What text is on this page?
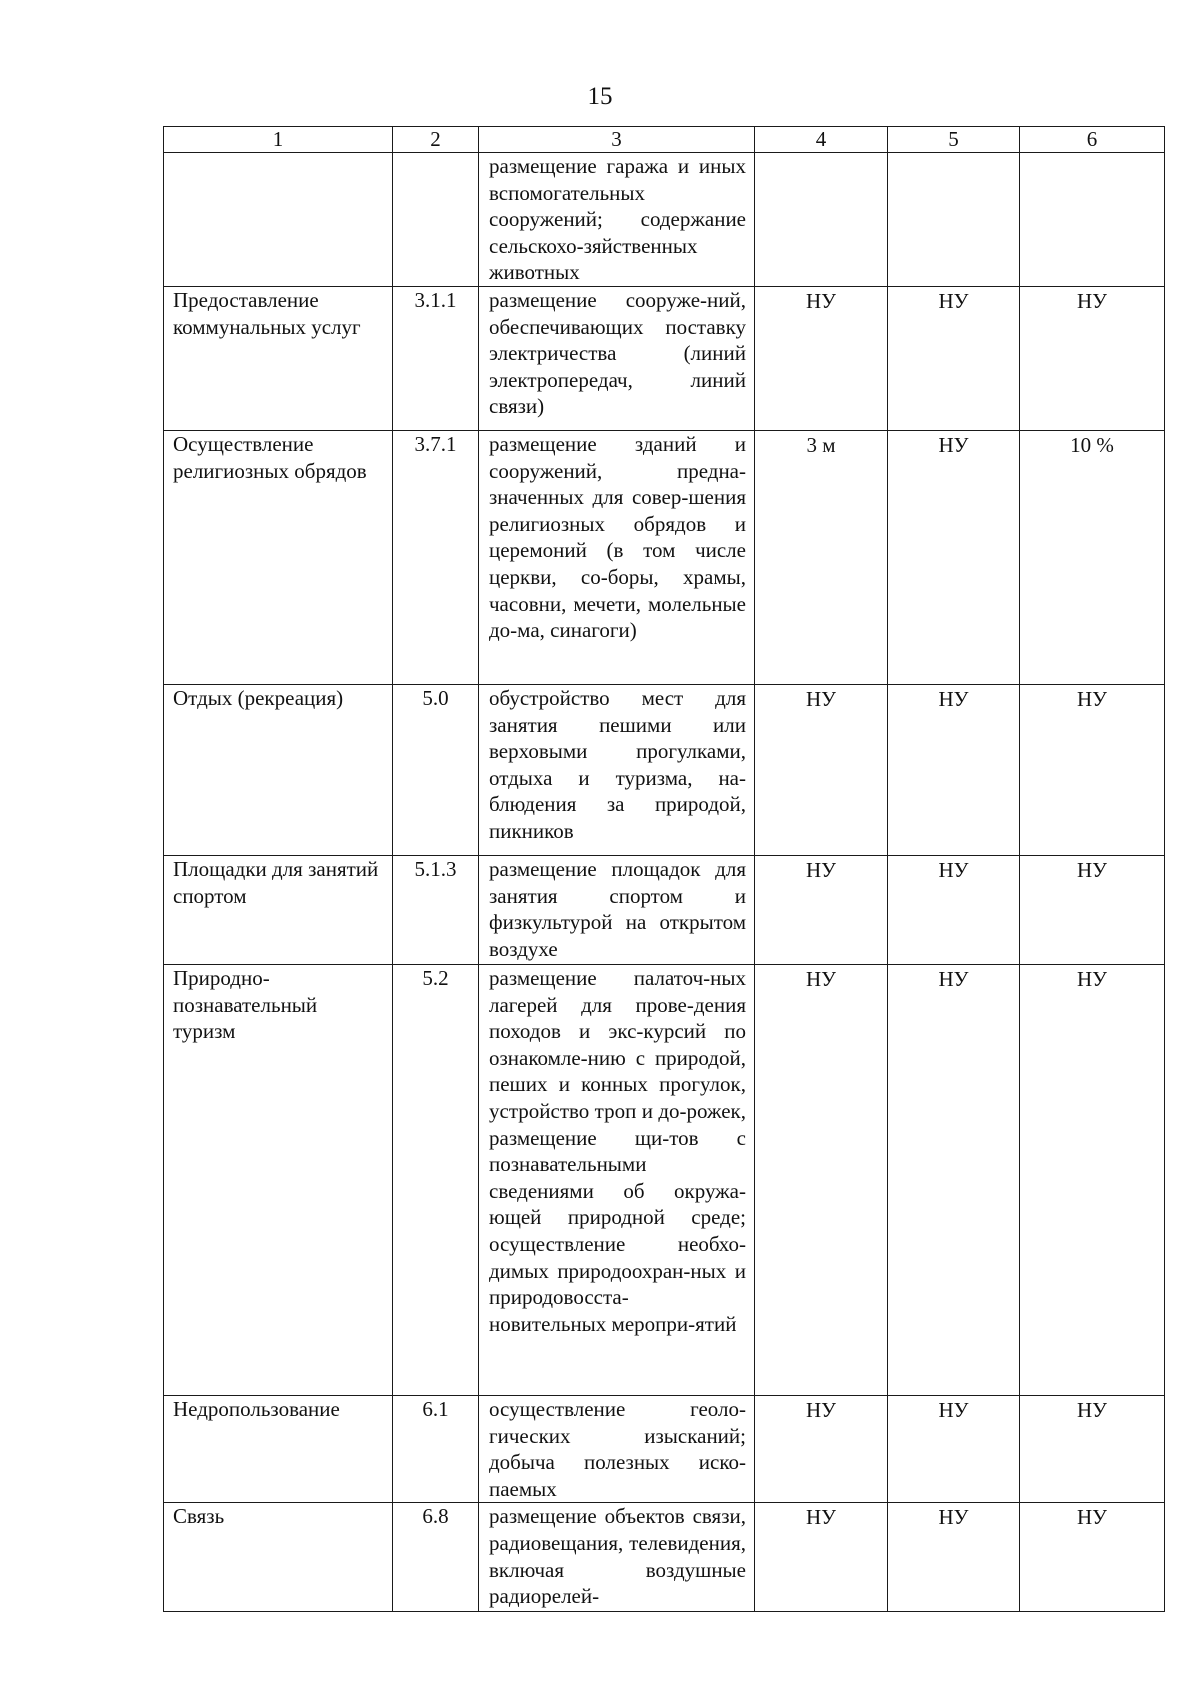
15
1	2	3	4	5	6
		размещение гаража и иных вспомогательных сооружений; содержание сельскохо-зяйственных животных			
Предоставление коммунальных услуг	3.1.1	размещение сооруже-ний, обеспечивающих поставку электричества (линий электропередач, линий связи)	НУ	НУ	НУ
Осуществление религиозных обрядов	3.7.1	размещение зданий и сооружений, предна-значенных для совер-шения религиозных обрядов и церемоний (в том числе церкви, со-боры, храмы, часовни, мечети, молельные до-ма, синагоги)	3 м	НУ	10 %
Отдых (рекреация)	5.0	обустройство мест для занятия пешими или верховыми прогулками, отдыха и туризма, на-блюдения за природой, пикников	НУ	НУ	НУ
Площадки для занятий спортом	5.1.3	размещение площадок для занятия спортом и физкультурой на открытом воздухе	НУ	НУ	НУ
Природно-познавательный туризм	5.2	размещение палаточ-ных лагерей для прове-дения походов и экс-курсий по ознакомле-нию с природой, пеших и конных прогулок, устройство троп и до-рожек, размещение щи-тов с познавательными сведениями об окружа-ющей природной среде; осуществление необхо-димых природоохран-ных и природовосста-новительных меропри-ятий	НУ	НУ	НУ
Недропользование	6.1	осуществление геоло-гических изысканий; добыча полезных иско-паемых	НУ	НУ	НУ
Связь	6.8	размещение объектов связи, радиовещания, телевидения, включая воздушные радиорелей-	НУ	НУ	НУ
